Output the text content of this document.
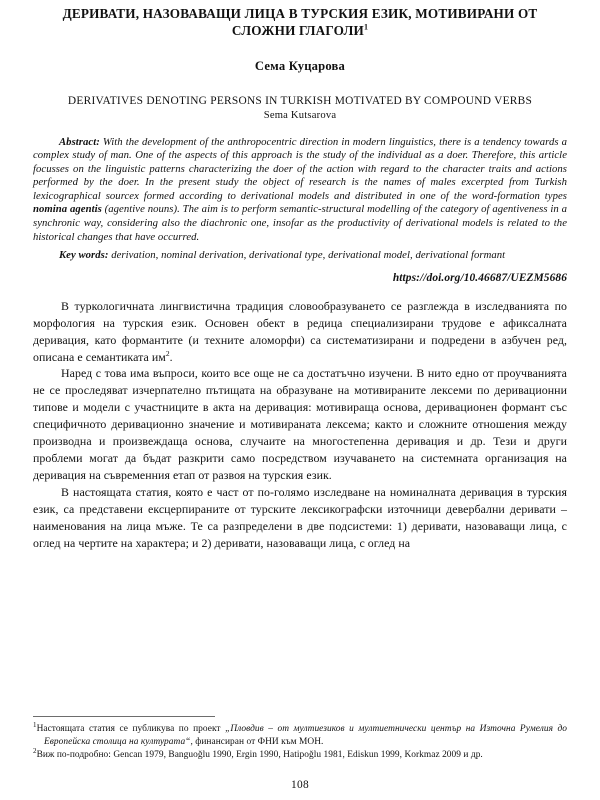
ДЕРИВАТИ, НАЗОВАВАЩИ ЛИЦА В ТУРСКИЯ ЕЗИК, МОТИВИРАНИ ОТ СЛОЖНИ ГЛАГОЛИ$^1$
Сема Куцарова
DERIVATIVES DENOTING PERSONS IN TURKISH MOTIVATED BY COMPOUND VERBS
Sema Kutsarova
Abstract: With the development of the anthropocentric direction in modern linguistics, there is a tendency towards a complex study of man. One of the aspects of this approach is the study of the individual as a doer. Therefore, this article focusses on the linguistic patterns characterizing the doer of the action with regard to the character traits and actions performed by the doer. In the present study the object of research is the names of males excerpted from Turkish lexicographical sourcex formed according to derivational models and distributed in one of the word-formation types nomina agentis (agentive nouns). The aim is to perform semantic-structural modelling of the category of agentiveness in a synchronic way, considering also the diachronic one, insofar as the productivity of derivational models is related to the historical changes that have occurred.
Key words: derivation, nominal derivation, derivational type, derivational model, derivational formant
https://doi.org/10.46687/UEZM5686

В туркологичната лингвистична традиция словообразуването се разглежда в изследванията по морфология на турския език. Основен обект в редица специализирани трудове е афиксалната деривация, като формантите (и техните аломорфи) са систематизирани и подредени в азбучен ред, описана е семантиката $им^2$.

Наред с това има въпроси, които все още не са достатъчно изучени. В нито едно от проучванията не се проследяват изчерпателно пътищата на образуване на мотивираните лексеми по деривационни типове и модели с участниците в акта на деривация: мотивираща основа, деривационен формант със специфичното деривационно значение и мотивираната лексема; както и сложните отношения между производна и произвеждаща основа, случаите на многостепенна деривация и др. Тези и други проблеми могат да бъдат разкрити само посредством изучаването на системната организация на деривация на съвременния етап от развоя на турския език.

В настоящата статия, която е част от по-голямо изследване на номиналната деривация в турския език, са представени ексцерпираните от турските лексикографски източници девербални деривати – наименования на лица мъже. Те са разпределени в две подсистеми: 1) деривати, назоваващи лица, с оглед на чертите на характера; и 2) деривати, назоваващи лица, с оглед на

$^1$Настоящата статия се публикува по проект „Пловдив – от мултиезиков и мултиетнически център на Източна Румелия до Европейска столица на културата“, финансиран от ФНИ към МОН.

$^2$Виж по-подробно: Gencan 1979, Banguoğlu 1990, Ergin 1990, Hatipoğlu 1981, Ediskun 1999, Korkmaz 2009 и др.

108
